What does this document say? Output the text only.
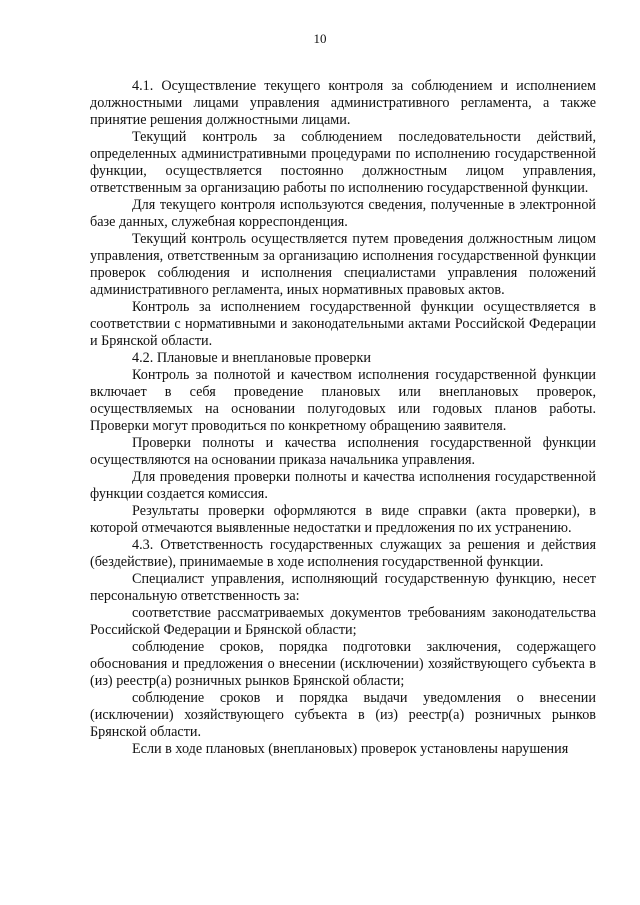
10

4.1. Осуществление текущего контроля за соблюдением и исполнением должностными лицами управления административного регламента, а также принятие решения должностными лицами.

Текущий контроль за соблюдением последовательности действий, определенных административными процедурами по исполнению государственной функции, осуществляется постоянно должностным лицом управления, ответственным за организацию работы по исполнению государственной функции.

Для текущего контроля используются сведения, полученные в электронной базе данных, служебная корреспонденция.

Текущий контроль осуществляется путем проведения должностным лицом управления, ответственным за организацию исполнения государственной функции проверок соблюдения и исполнения специалистами управления положений административного регламента, иных нормативных правовых актов.

Контроль за исполнением государственной функции осуществляется в соответствии с нормативными и законодательными актами Российской Федерации и Брянской области.

4.2. Плановые и внеплановые проверки

Контроль за полнотой и качеством исполнения государственной функции включает в себя проведение плановых или внеплановых проверок, осуществляемых на основании полугодовых или годовых планов работы. Проверки могут проводиться по конкретному обращению заявителя.

Проверки полноты и качества исполнения государственной функции осуществляются на основании приказа начальника управления.

Для проведения проверки полноты и качества исполнения государственной функции создается комиссия.

Результаты проверки оформляются в виде справки (акта проверки), в которой отмечаются выявленные недостатки и предложения по их устранению.

4.3. Ответственность государственных служащих за решения и действия (бездействие), принимаемые в ходе исполнения государственной функции.

Специалист управления, исполняющий государственную функцию, несет персональную ответственность за:

соответствие рассматриваемых документов требованиям законодательства Российской Федерации и Брянской области;

соблюдение сроков, порядка подготовки заключения, содержащего обоснования и предложения о внесении (исключении) хозяйствующего субъекта в (из) реестр(а) розничных рынков Брянской области;

соблюдение сроков и порядка выдачи уведомления о внесении (исключении) хозяйствующего субъекта в (из) реестр(а) розничных рынков Брянской области.

Если в ходе плановых (внеплановых) проверок установлены нарушения
